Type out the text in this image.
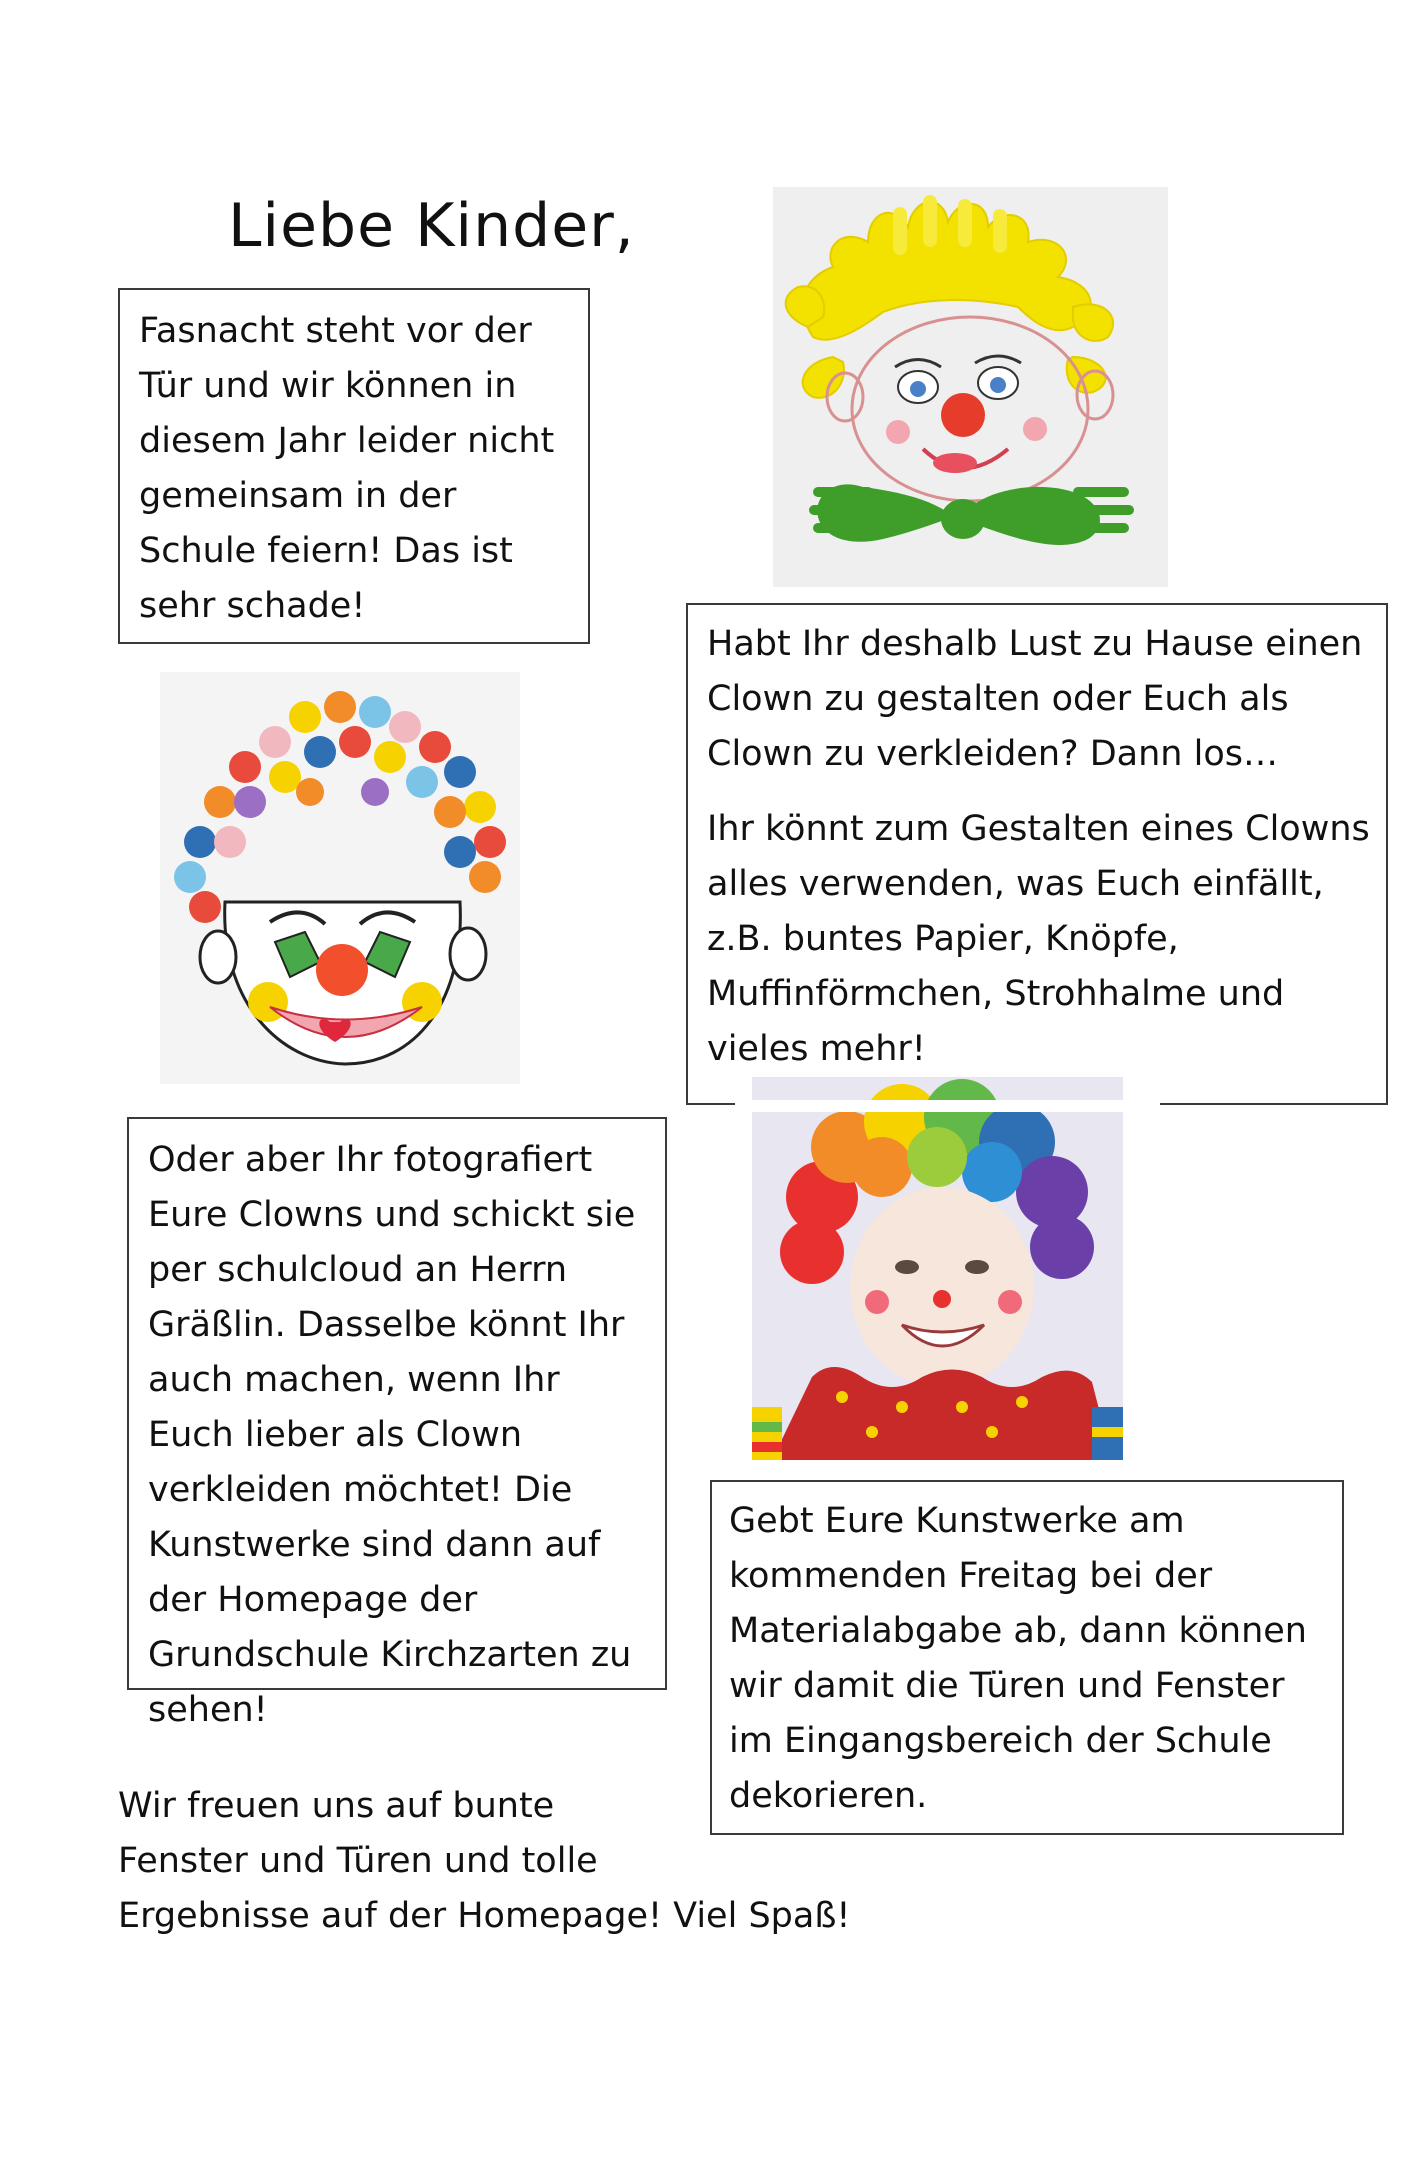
Liebe Kinder,

Fasnacht steht vor der Tür und wir können in diesem Jahr leider nicht gemeinsam in der Schule feiern! Das ist sehr schade!

Habt Ihr deshalb Lust zu Hause einen Clown zu gestalten oder Euch als Clown zu verkleiden? Dann los…

Ihr könnt zum Gestalten eines Clowns alles verwenden, was Euch einfällt, z.B. buntes Papier, Knöpfe, Muffinförmchen, Strohhalme und vieles mehr!

Oder aber Ihr fotografiert Eure Clowns und schickt sie per schulcloud an Herrn Gräßlin. Dasselbe könnt Ihr auch machen, wenn Ihr Euch lieber als Clown verkleiden möchtet! Die Kunstwerke sind dann auf der Homepage der Grundschule Kirchzarten zu sehen!

Gebt Eure Kunstwerke am kommenden Freitag bei der Materialabgabe ab, dann können wir damit die Türen und Fenster im Eingangsbereich der Schule dekorieren.

Wir freuen uns auf bunte
Fenster und Türen und tolle
Ergebnisse auf der Homepage! Viel Spaß!
